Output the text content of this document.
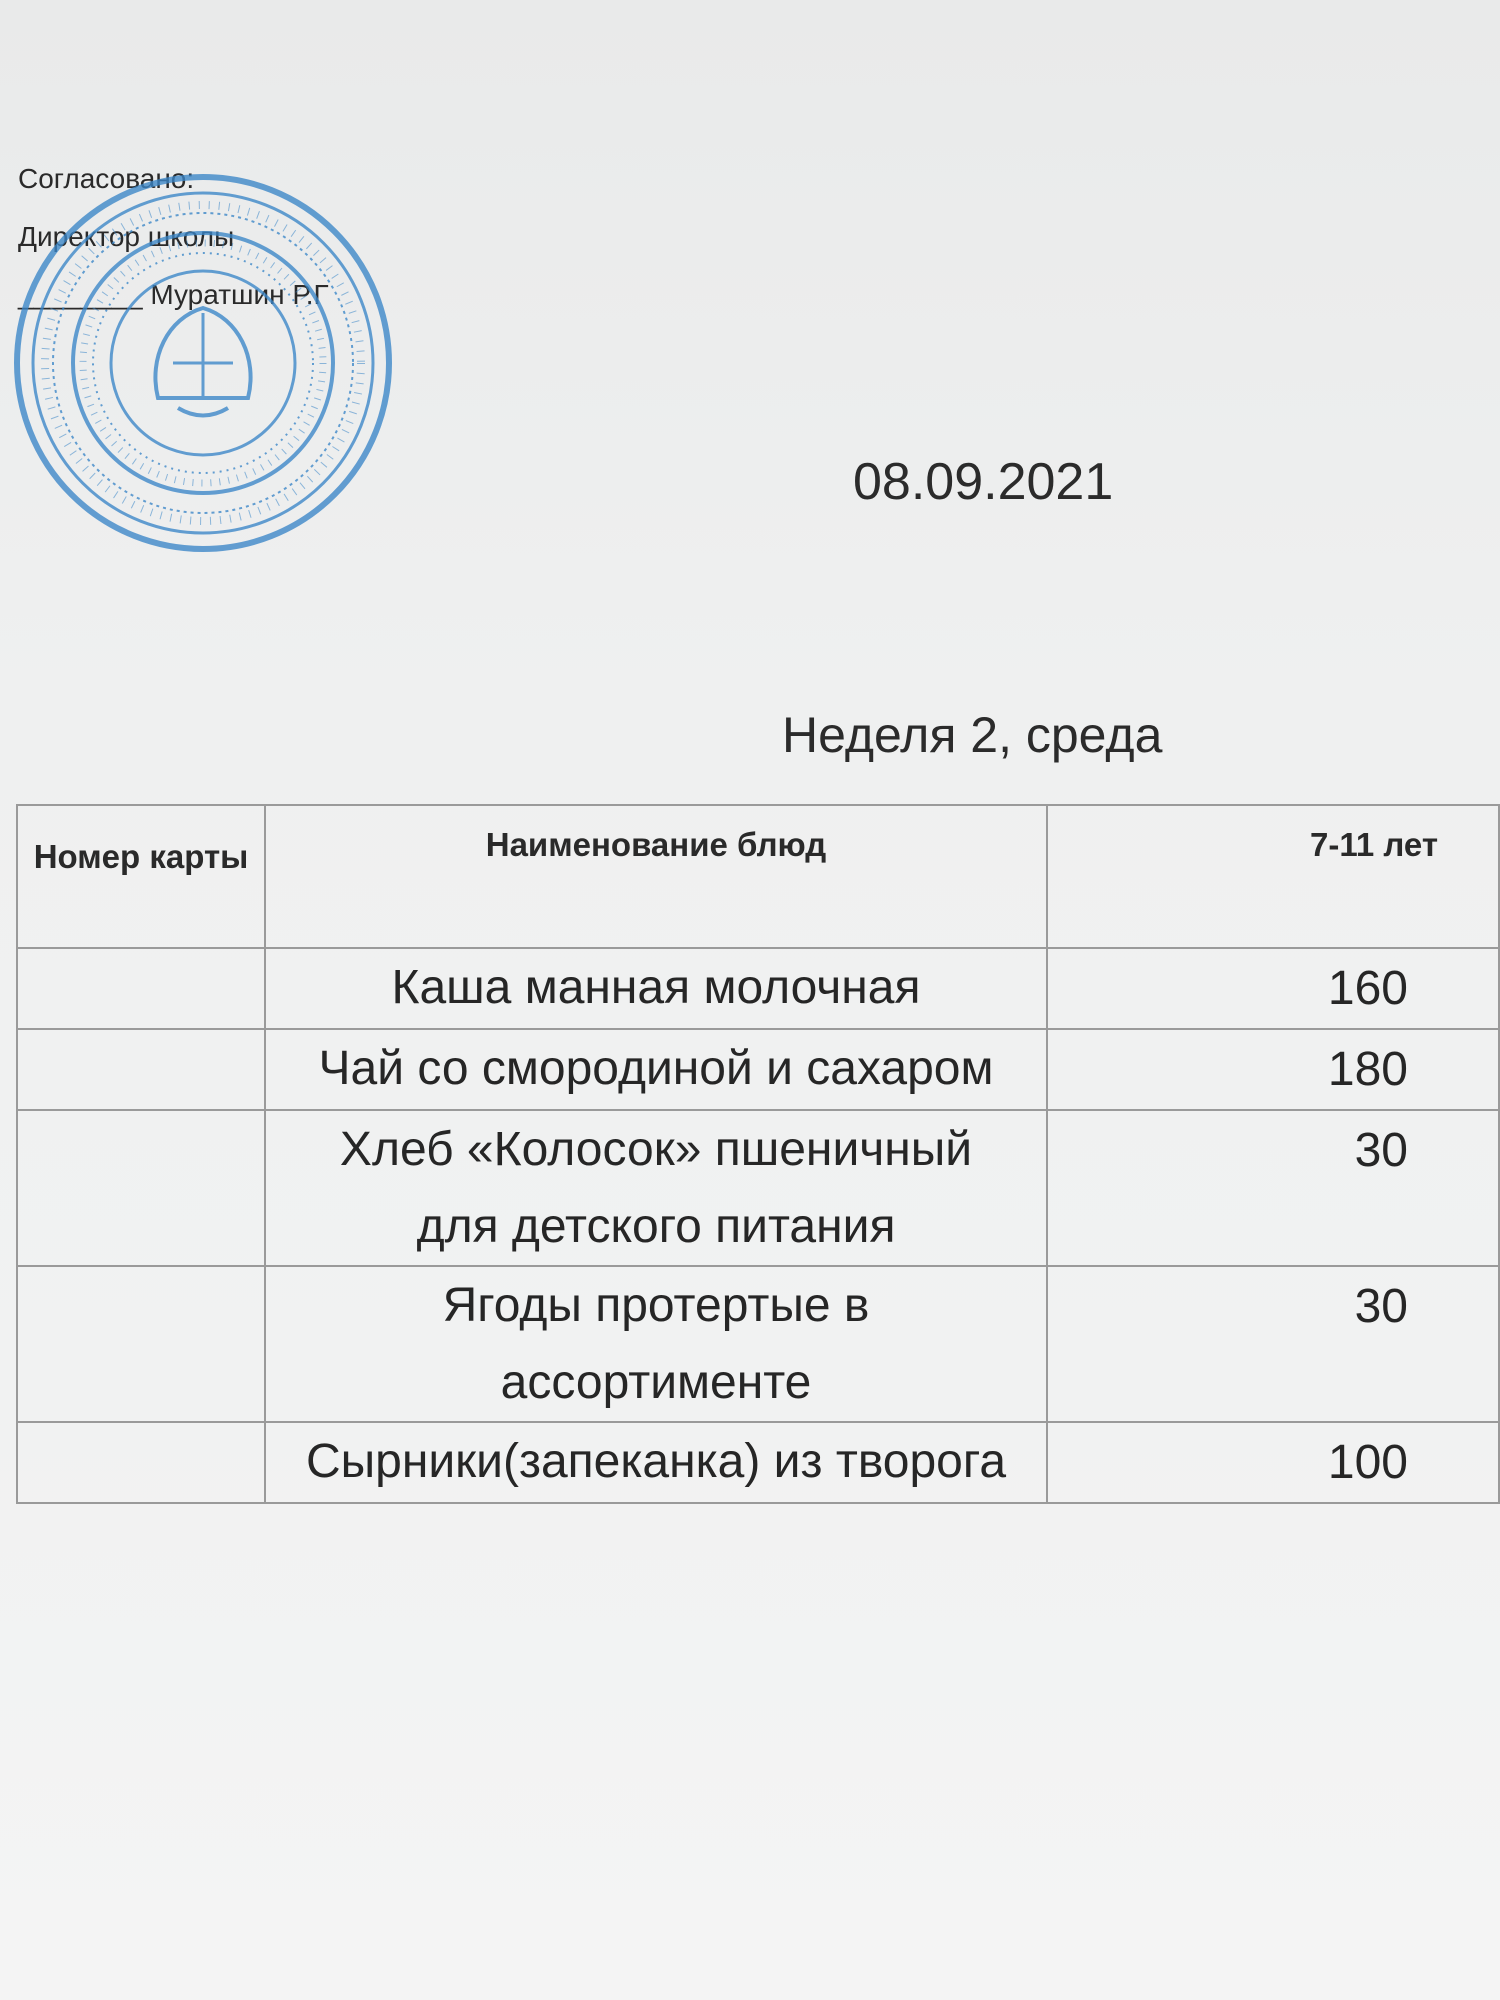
Согласовано:
Директор школы
________ Муратшин Р.Г
08.09.2021
Неделя 2, среда
Номер карты	Наименование блюд	7-11 лет
	Каша манная молочная	160
	Чай со смородиной и сахаром	180
	Хлеб «Колосок» пшеничный для детского питания	30
	Ягоды протертые в ассортименте	30
	Сырники(запеканка) из творога	100
